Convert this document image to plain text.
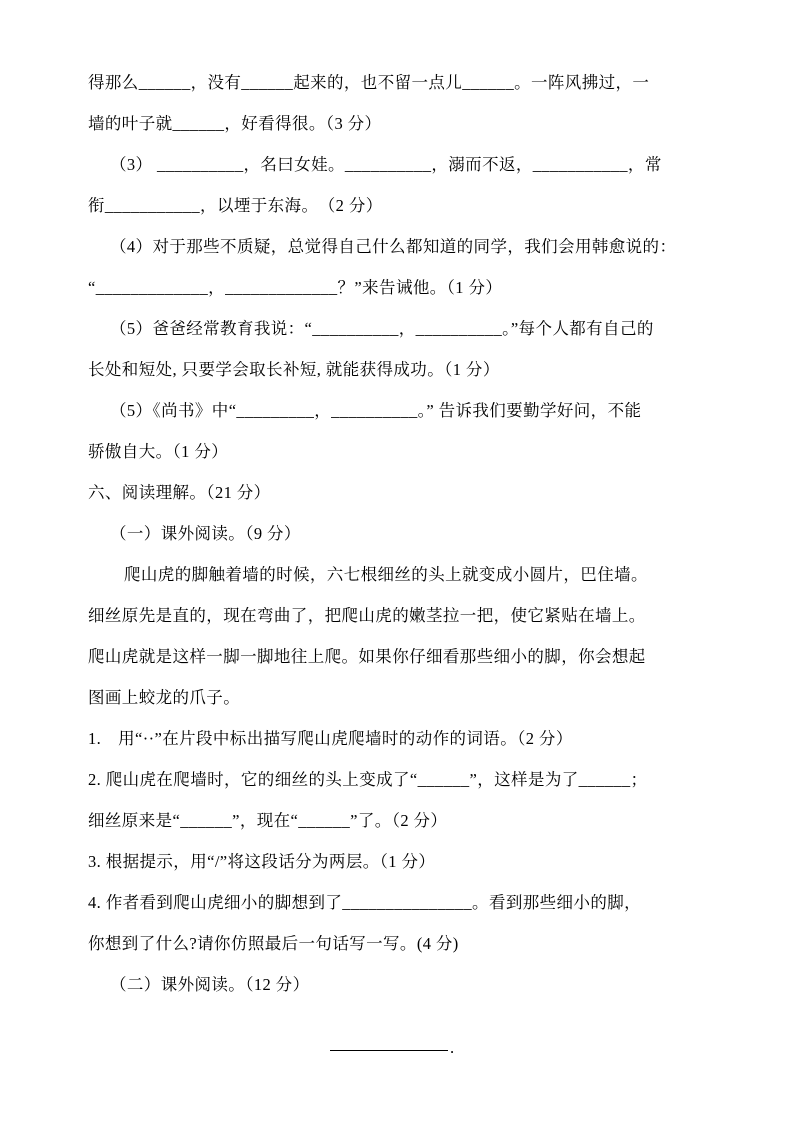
得那么______，没有______起来的，也不留一点儿______。一阵风拂过，一
墙的叶子就______，好看得很。（3 分）
（3） __________，名曰女娃。__________，溺而不返，___________，常
衔___________，以堙于东海。　（2 分）
（4）对于那些不质疑，总觉得自己什么都知道的同学，我们会用韩愈说的：
“_____________，_____________？”来告诫他。（1 分）
（5）爸爸经常教育我说：“__________，__________。”每个人都有自己的
长处和短处, 只要学会取长补短, 就能获得成功。（1 分）
（5）《尚书》中“_________，__________。” 告诉我们要勤学好问，不能
骄傲自大。（1 分）
六、阅读理解。（21 分）
（一）课外阅读。（9 分）
爬山虎的脚触着墙的时候，六七根细丝的头上就变成小圆片，巴住墙。
细丝原先是直的，现在弯曲了，把爬山虎的嫩茎拉一把，使它紧贴在墙上。
爬山虎就是这样一脚一脚地往上爬。如果你仔细看那些细小的脚，你会想起
图画上蛟龙的爪子。
1.　用“··”在片段中标出描写爬山虎爬墙时的动作的词语。（2 分）
2. 爬山虎在爬墙时，它的细丝的头上变成了“______”，这样是为了______；
细丝原来是“______”，现在“______”了。（2 分）
3. 根据提示，用“/”将这段话分为两层。（1 分）
4. 作者看到爬山虎细小的脚想到了_______________。看到那些细小的脚，
你想到了什么?请你仿照最后一句话写一写。(4 分)
（二）课外阅读。（12 分）
.
